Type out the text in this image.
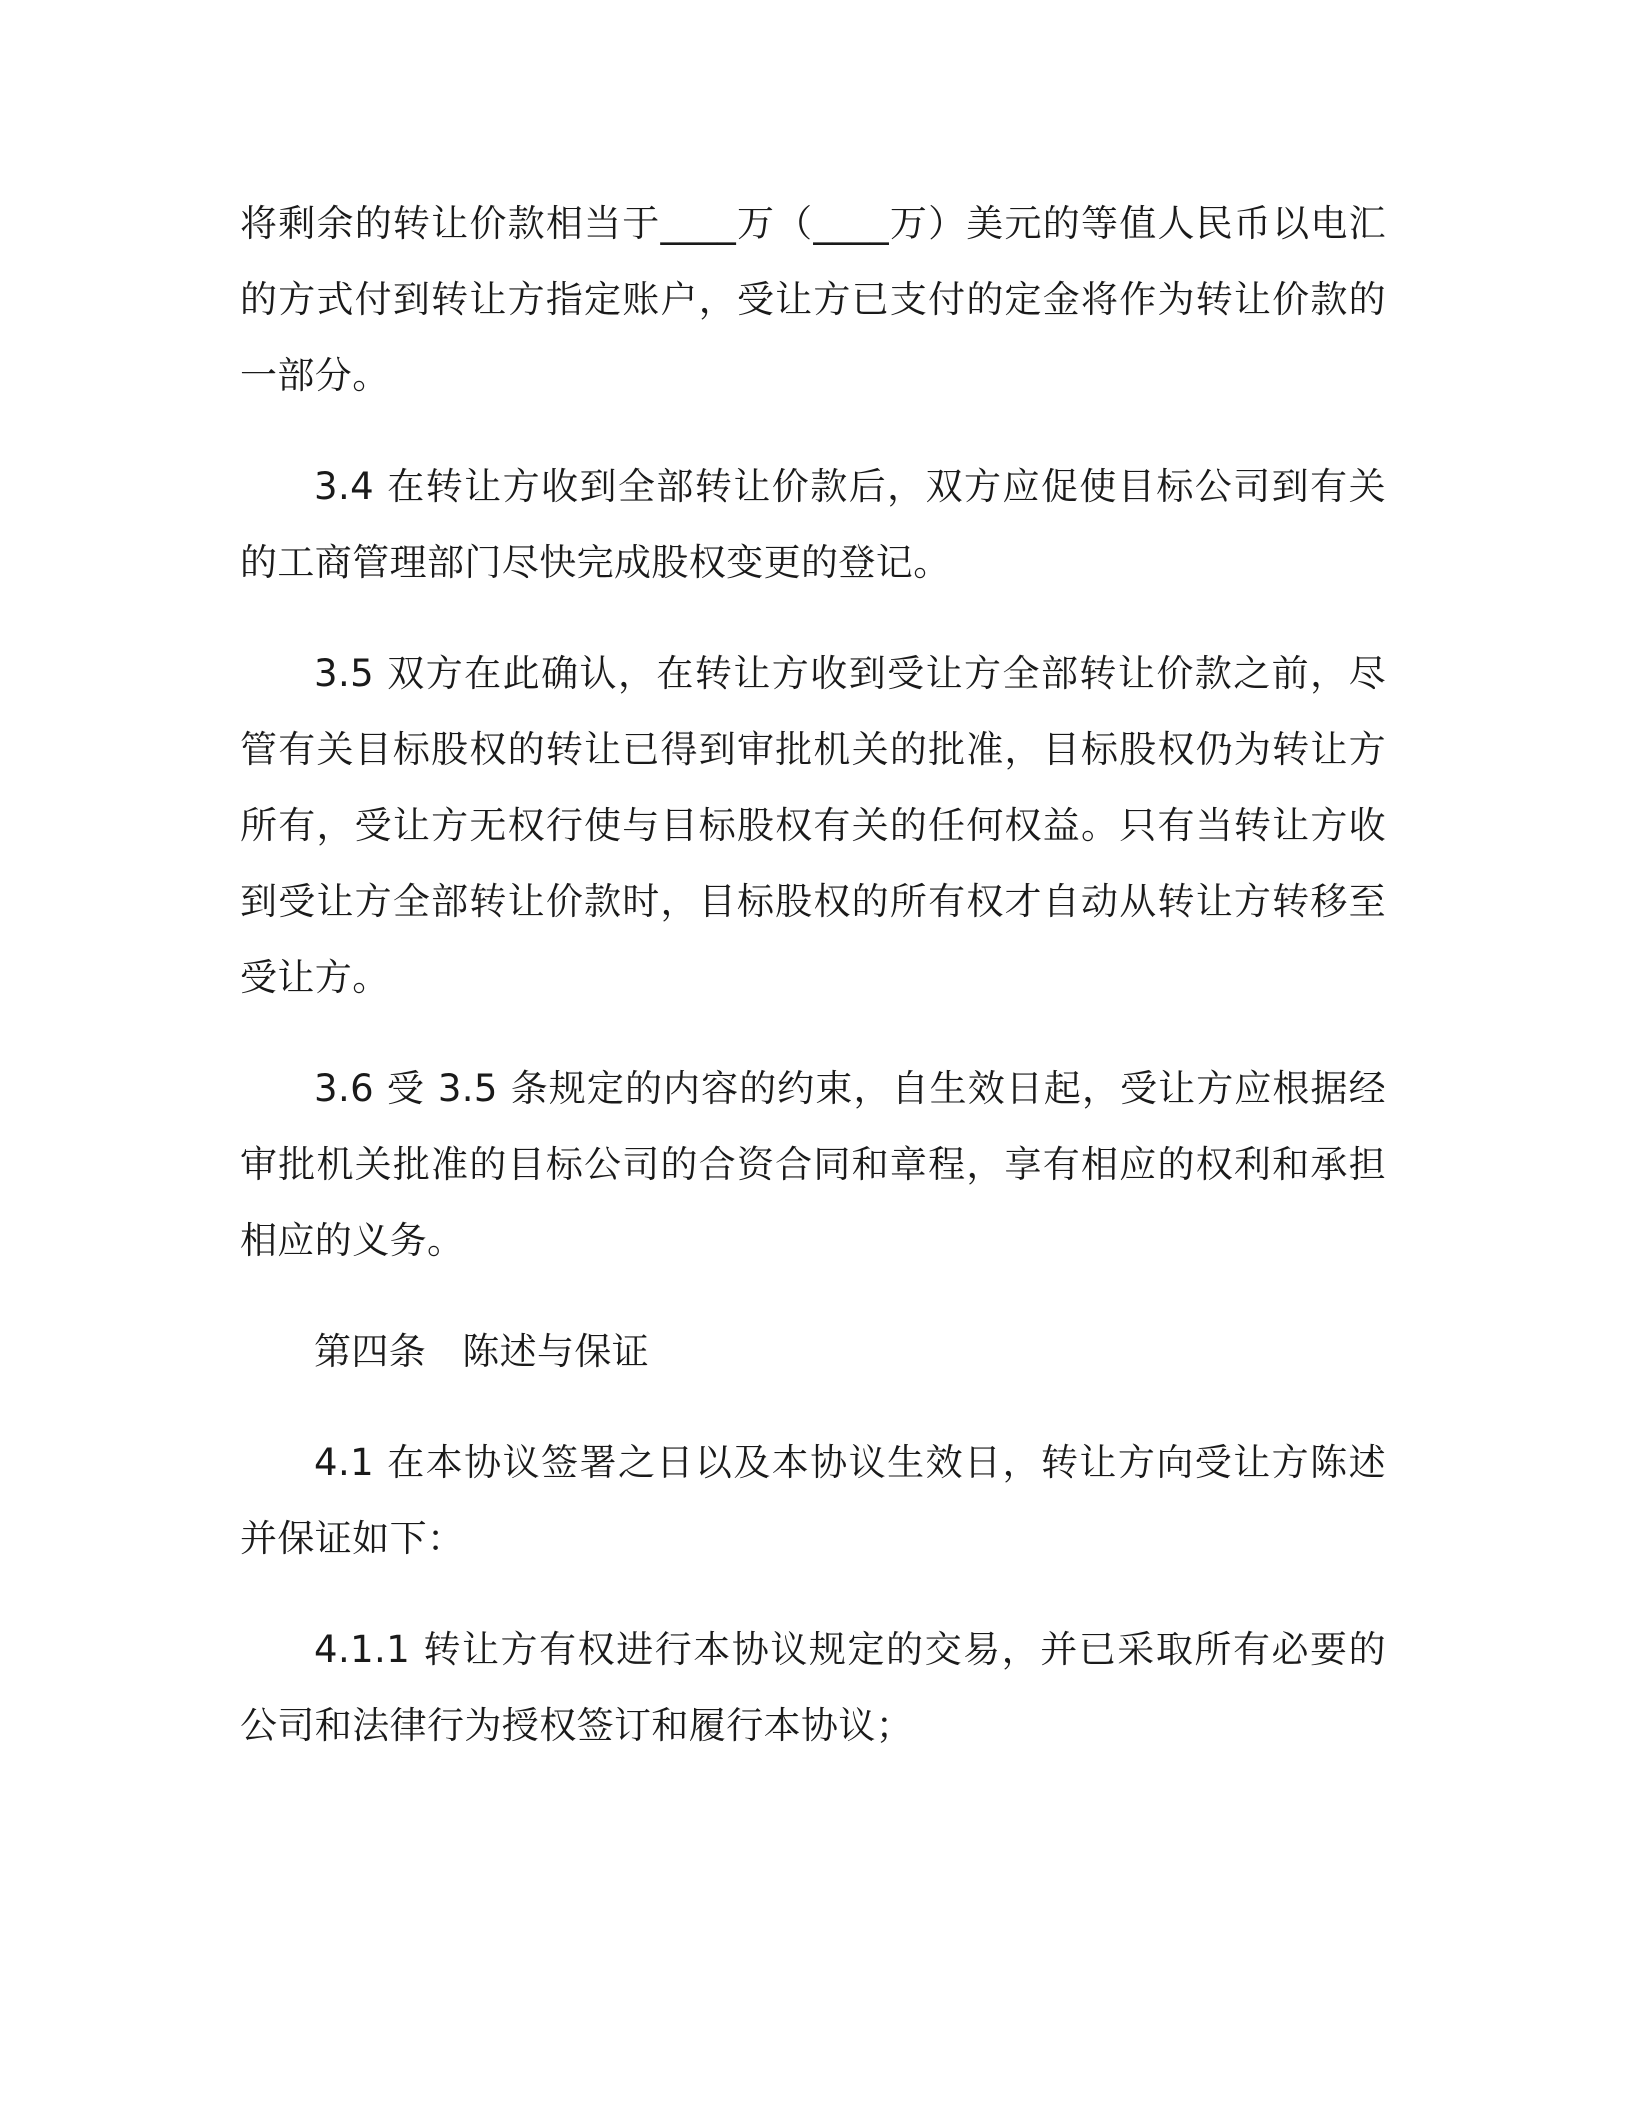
将剩余的转让价款相当于____万（____万）美元的等值人民币以电汇的方式付到转让方指定账户，受让方已支付的定金将作为转让价款的一部分。

3.4 在转让方收到全部转让价款后，双方应促使目标公司到有关的工商管理部门尽快完成股权变更的登记。

3.5 双方在此确认，在转让方收到受让方全部转让价款之前，尽管有关目标股权的转让已得到审批机关的批准，目标股权仍为转让方所有，受让方无权行使与目标股权有关的任何权益。只有当转让方收到受让方全部转让价款时，目标股权的所有权才自动从转让方转移至受让方。

3.6 受 3.5 条规定的内容的约束，自生效日起，受让方应根据经审批机关批准的目标公司的合资合同和章程，享有相应的权利和承担相应的义务。

第四条 陈述与保证

4.1 在本协议签署之日以及本协议生效日，转让方向受让方陈述并保证如下：

4.1.1 转让方有权进行本协议规定的交易，并已采取所有必要的公司和法律行为授权签订和履行本协议；
